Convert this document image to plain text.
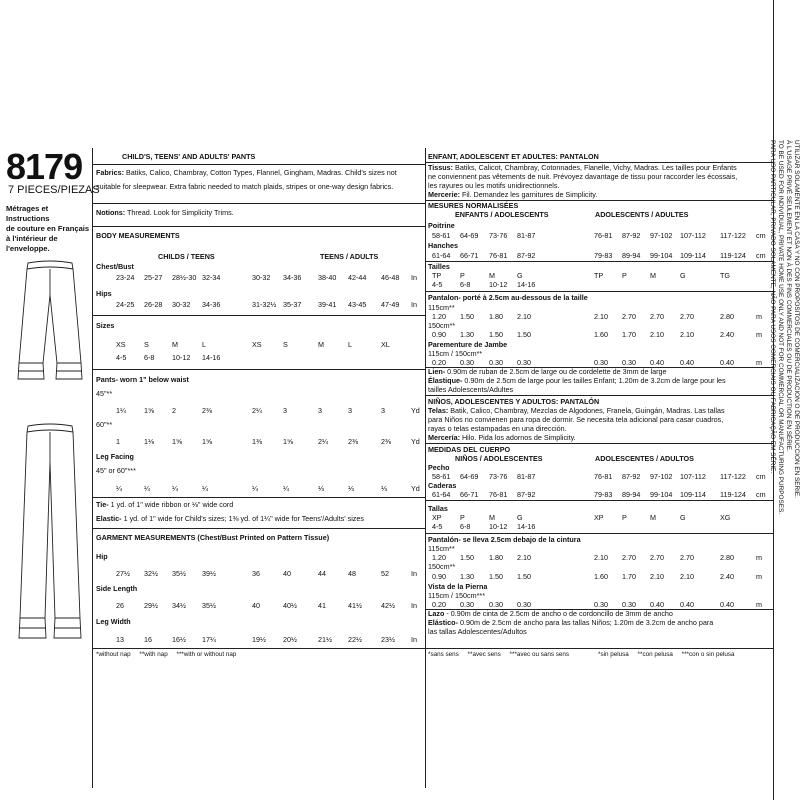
8179
7 PIECES/PIEZAS
Métrages et Instructions
de couture en Français
à l'intérieur de
l'enveloppe.
CHILD'S, TEENS' AND ADULTS' PANTS
Fabrics: Batiks, Calico, Chambray, Cotton Types, Flannel, Gingham, Madras. Child's sizes not
suitable for sleepwear. Extra fabric needed to match plaids, stripes or one-way design fabrics.
Notions: Thread. Look for Simplicity Trims.
BODY MEASUREMENTS
CHILDS / TEENS	TEENS / ADULTS
Chest/Bust
23-24 25-27 28½-30 32-34	30-32 34-36 38-40 42-44 46-48 In
Hips
24-25 26-28 30-32 34-36	31-32½ 35-37 39-41 43-45 47-49 In
Sizes
XS	S	M	L	XS	S	M	L	XL
4-5 6-8 10-12 14-16
Pants- worn 1" below waist
45"**
1¼	1⅝	2	2⅜	2¼	3	3	3	3	Yd
60"**
1	1⅛	1⅝	1⅝	1⅜	1⅝	2¼	2⅜	2⅜	Yd
Leg Facing
45" or 60"***
¼	¼	¼	¼	¼	¼	⅓	⅓	⅓	Yd
Tie- 1 yd. of 1" wide ribbon or ⅛" wide cord
Elastic- 1 yd. of 1" wide for Child's sizes; 1⅜ yd. of 1¼" wide for Teens'/Adults' sizes
GARMENT MEASUREMENTS (Chest/Bust Printed on Pattern Tissue)
Hip
27½ 32½ 35½ 39½	36	40	44	48	52	In
Side Length
26	29½ 34½ 35½	40	40½	41	41½	42½ In
Leg Width
13	16	16½ 17¼	19½ 20½	21½ 22½	23½ In
*without nap     **with nap     ***with or without nap
ENFANT, ADOLESCENT ET ADULTES: PANTALON
Tissus: Batiks, Calicot, Chambray, Cotonnades, Flanelle, Vichy, Madras. Les tailles pour Enfants
ne conviennent pas vêtements de nuit. Prévoyez davantage de tissu pour raccorder les écossais,
les rayures ou les motifs unidirectionnels.
Mercerie: Fil. Demandez les garnitures de Simplicity.
MESURES NORMALISÉES
ENFANTS / ADOLESCENTS	ADOLESCENTS / ADULTES
Poitrine
58-61 64-69 73-76 81-87	76-81 87-92 97-102 107-112 117-122 cm
Hanches
61-64 66-71 76-81 87-92	79-83 89-94 99-104 109-114 119-124 cm
Tailles
TP	P	M	G	TP	P	M	G	TG
4-5 6-8	10-12 14-16
Pantalon- porté à 2.5cm au-dessous de la taille
115cm**
1.20 1.50 1.80 2.10	2.10 2.70 2.70 2.70	2.80	m
150cm**
0.90 1.30 1.50 1.50	1.60 1.70 2.10 2.10	2.40	m
Parementure de Jambe
115cm / 150cm**
0.20 0.30 0.30 0.30	0.30 0.30 0.40 0.40	0.40	m
Lien- 0.90m de ruban de 2.5cm de large ou de cordelette de 3mm de large
Élastique- 0.90m de 2.5cm de large pour les tailles Enfant; 1.20m de 3.2cm de large pour les
tailles Adolescents/Adultes
NIÑOS, ADOLESCENTES Y ADULTOS: PANTALÓN
Telas: Batik, Calico, Chambray, Mezclas de Algodones, Franela, Guingán, Madras. Las tallas
para Niños no convienen para ropa de dormir. Se necesita tela adicional para casar cuadros,
rayas o telas estampadas en una dirección.
Mercería: Hilo. Pida los adornos de Simplicity.
MEDIDAS DEL CUERPO
NIÑOS / ADOLESCENTES	ADOLESCENTES / ADULTOS
Pecho
58-61 64-69 73-76 81-87	76-81 87-92 97-102 107-112 117-122 cm
Caderas
61-64 66-71 76-81 87-92	79-83 89-94 99-104 109-114 119-124 cm
Tallas
XP	P	M	G	XP	P	M	G	XG
4-5 6-8	10-12 14-16
Pantalón- se lleva 2.5cm debajo de la cintura
115cm**
1.20 1.50 1.80 2.10	2.10 2.70 2.70 2.70	2.80	m
150cm**
0.90 1.30 1.50 1.50	1.60 1.70 2.10 2.10	2.40	m
Vista de la Pierna
115cm / 150cm***
0.20 0.30 0.30 0.30	0.30 0.30 0.40 0.40	0.40	m
Lazo - 0.90m de cinta de 2.5cm de ancho o de cordoncillo de 3mm de ancho
Elástico- 0.90m de 2.5cm de ancho para las tallas Niños; 1.20m de 3.2cm de ancho para
las tallas Adolescentes/Adultos
*sans sens     **avec sens     ***avec ou sans sens	*sin pelusa     **con pelusa     ***con o sin pelusa
TO BE USED FOR INDIVIDUAL, PRIVATE HOME USE ONLY AND NOT FOR COMMERCIAL OR MANUFACTURING PURPOSES. À L'USAGE PRIVÉ SEULEMENT ET NON À DES FINS COMMERCIALES OU DE PRODUCTION EN SÉRIE. UTILIZAR SOLAMENTE EN LA CASA Y NO CON PROPÓSITOS DE COMERCIALIZACIÓN O DE PRODUCCIÓN EN SERIE.
PARA USO PARTICULAR, PRIVADO SOLAMENTE, NÃO PARA USOS COMERCIAIS OU FABRICAÇÃO EM SÉRIE.
